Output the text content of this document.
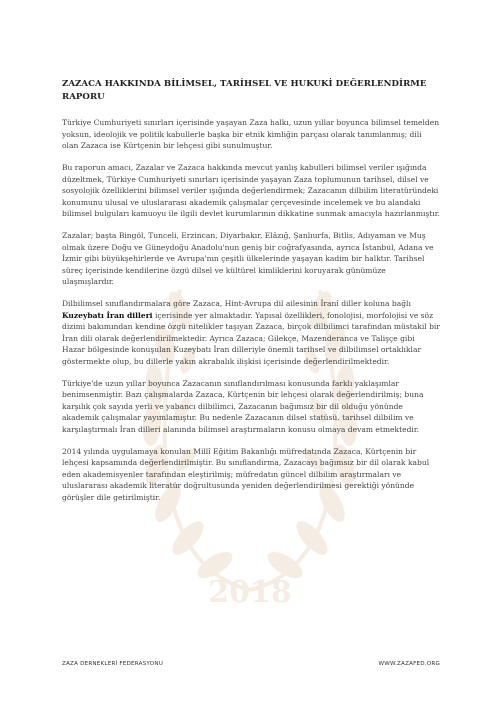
2018
ZAZACA HAKKINDA BİLİMSEL, TARİHSEL VE HUKUKİ DEĞERLENDİRME RAPORU

Türkiye Cumhuriyeti sınırları içerisinde yaşayan Zaza halkı, uzun yıllar boyunca bilimsel temelden yoksun, ideolojik ve politik kabullerle başka bir etnik kimliğin parçası olarak tanımlanmış; dili olan Zazaca ise Kürtçenin bir lehçesi gibi sunulmuştur.

Bu raporun amacı, Zazalar ve Zazaca hakkında mevcut yanlış kabulleri bilimsel veriler ışığında düzeltmek, Türkiye Cumhuriyeti sınırları içerisinde yaşayan Zaza toplumunun tarihsel, dilsel ve sosyolojik özelliklerini bilimsel veriler ışığında değerlendirmek; Zazacanın dilbilim literatüründeki konumunu ulusal ve uluslararası akademik çalışmalar çerçevesinde incelemek ve bu alandaki bilimsel bulguları kamuoyu ile ilgili devlet kurumlarının dikkatine sunmak amacıyla hazırlanmıştır.

Zazalar; başta Bingöl, Tunceli, Erzincan, Diyarbakır, Elâzığ, Şanlıurfa, Bitlis, Adıyaman ve Muş olmak üzere Doğu ve Güneydoğu Anadolu'nun geniş bir coğrafyasında, ayrıca İstanbul, Adana ve İzmir gibi büyükşehirlerde ve Avrupa'nın çeşitli ülkelerinde yaşayan kadim bir halktır. Tarihsel süreç içerisinde kendilerine özgü dilsel ve kültürel kimliklerini koruyarak günümüze ulaşmışlardır.

Dilbilimsel sınıflandırmalara göre Zazaca, Hint-Avrupa dil ailesinin İranî diller koluna bağlı Kuzeybatı İran dilleri içerisinde yer almaktadır. Yapısal özellikleri, fonolojisi, morfolojisi ve söz dizimi bakımından kendine özgü nitelikler taşıyan Zazaca, birçok dilbilimci tarafından müstakil bir İran dili olarak değerlendirilmektedir. Ayrıca Zazaca; Gilekçe, Mazenderanca ve Talişçe gibi Hazar bölgesinde konuşulan Kuzeybatı İran dilleriyle önemli tarihsel ve dilbilimsel ortaklıklar göstermekte olup, bu dillerle yakın akrabalık ilişkisi içerisinde değerlendirilmektedir.

Türkiye'de uzun yıllar boyunca Zazacanın sınıflandırılması konusunda farklı yaklaşımlar benimsenmiştir. Bazı çalışmalarda Zazaca, Kürtçenin bir lehçesi olarak değerlendirilmiş; buna karşılık çok sayıda yerli ve yabancı dilbilimci, Zazacanın bağımsız bir dil olduğu yönünde akademik çalışmalar yayımlamıştır. Bu nedenle Zazacanın dilsel statüsü, tarihsel dilbilim ve karşılaştırmalı İran dilleri alanında bilimsel araştırmaların konusu olmaya devam etmektedir.

2014 yılında uygulamaya konulan Millî Eğitim Bakanlığı müfredatında Zazaca, Kürtçenin bir lehçesi kapsamında değerlendirilmiştir. Bu sınıflandırma, Zazacayı bağımsız bir dil olarak kabul eden akademisyenler tarafından eleştirilmiş; müfredatın güncel dilbilim araştırmaları ve uluslararası akademik literatür doğrultusunda yeniden değerlendirilmesi gerektiği yönünde görüşler dile getirilmiştir.

ZAZA DERNEKLERİ FEDERASYONU	WWW.ZAZAFED.ORG
